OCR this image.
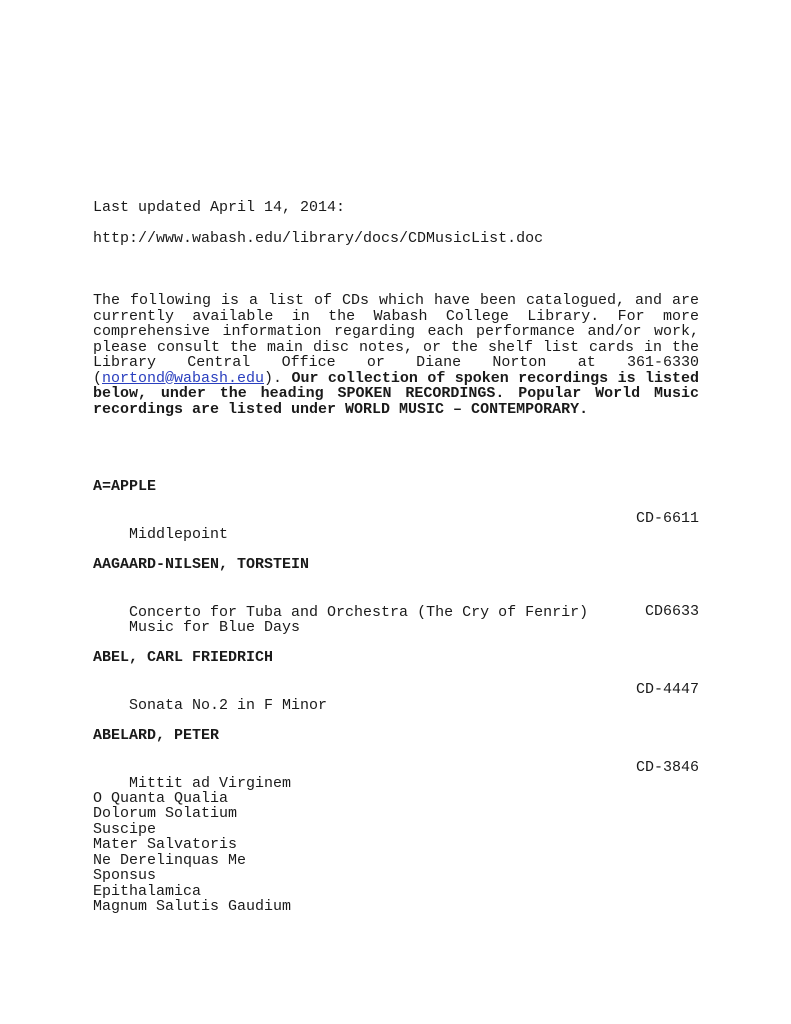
Last updated April 14, 2014:
http://www.wabash.edu/library/docs/CDMusicList.doc
The following is a list of CDs which have been catalogued, and are currently available in the Wabash College Library. For more comprehensive information regarding each performance and/or work, please consult the main disc notes, or the shelf list cards in the Library Central Office or Diane Norton at 361-6330 (nortond@wabash.edu). Our collection of spoken recordings is listed below, under the heading SPOKEN RECORDINGS. Popular World Music recordings are listed under WORLD MUSIC – CONTEMPORARY.
A=APPLE

Middlepoint

CD-6611

AAGAARD-NILSEN, TORSTEIN

Concerto for Tuba and Orchestra (The Cry of Fenrir)

Music for Blue Days

CD6633

ABEL, CARL FRIEDRICH

Sonata No.2 in F Minor

CD-4447

ABELARD, PETER

Mittit ad Virginem

CD-3846

O Quanta Qualia
Dolorum Solatium
Suscipe
Mater Salvatoris
Ne Derelinquas Me
Sponsus
Epithalamica
Magnum Salutis Gaudium
